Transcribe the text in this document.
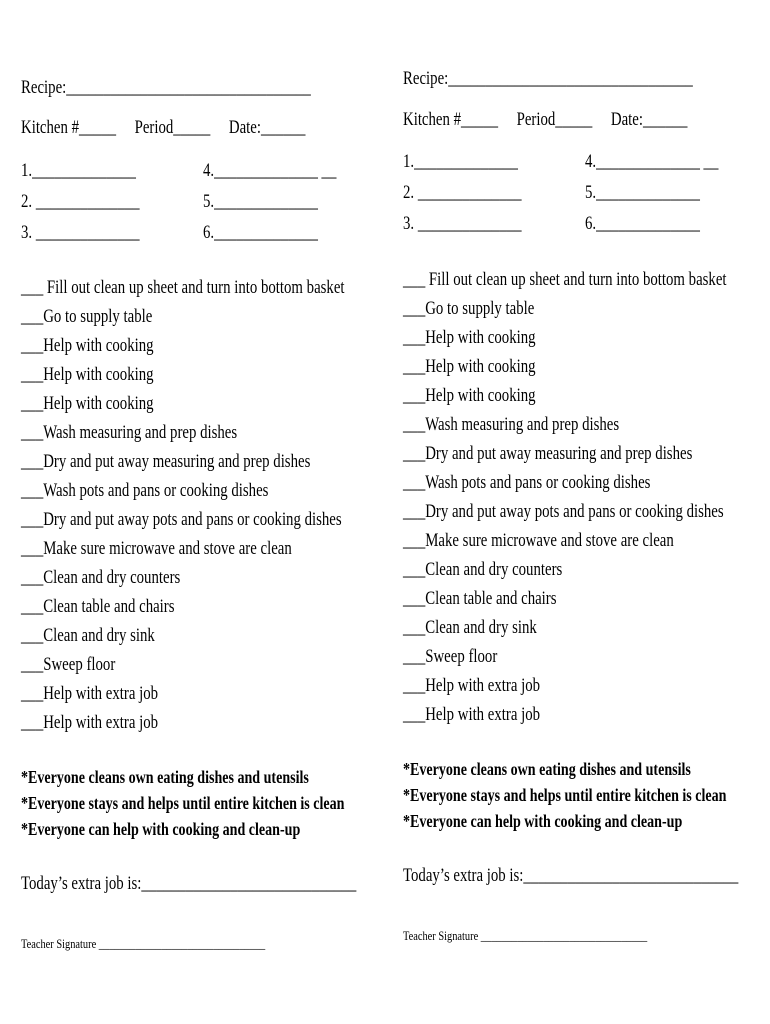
Recipe:_________________________________
Kitchen #_____     Period_____     Date:______
1.______________
2. ______________
3. ______________
4.______________ __
5.______________
6.______________
___ Fill out clean up sheet and turn into bottom basket
___Go to supply table
___Help with cooking
___Help with cooking
___Help with cooking
___Wash measuring and prep dishes
___Dry and put away measuring and prep dishes
___Wash pots and pans or cooking dishes
___Dry and put away pots and pans or cooking dishes
___Make sure microwave and stove are clean
___Clean and dry counters
___Clean table and chairs
___Clean and dry sink
___Sweep floor
___Help with extra job
___Help with extra job
*Everyone cleans own eating dishes and utensils
*Everyone stays and helps until entire kitchen is clean
*Everyone can help with cooking and clean-up
Today’s extra job is:_____________________________
Teacher Signature ________________________________
Recipe:_________________________________
Kitchen #_____     Period_____     Date:______
1.______________
2. ______________
3. ______________
4.______________ __
5.______________
6.______________
___ Fill out clean up sheet and turn into bottom basket
___Go to supply table
___Help with cooking
___Help with cooking
___Help with cooking
___Wash measuring and prep dishes
___Dry and put away measuring and prep dishes
___Wash pots and pans or cooking dishes
___Dry and put away pots and pans or cooking dishes
___Make sure microwave and stove are clean
___Clean and dry counters
___Clean table and chairs
___Clean and dry sink
___Sweep floor
___Help with extra job
___Help with extra job
*Everyone cleans own eating dishes and utensils
*Everyone stays and helps until entire kitchen is clean
*Everyone can help with cooking and clean-up
Today’s extra job is:_____________________________
Teacher Signature ________________________________
